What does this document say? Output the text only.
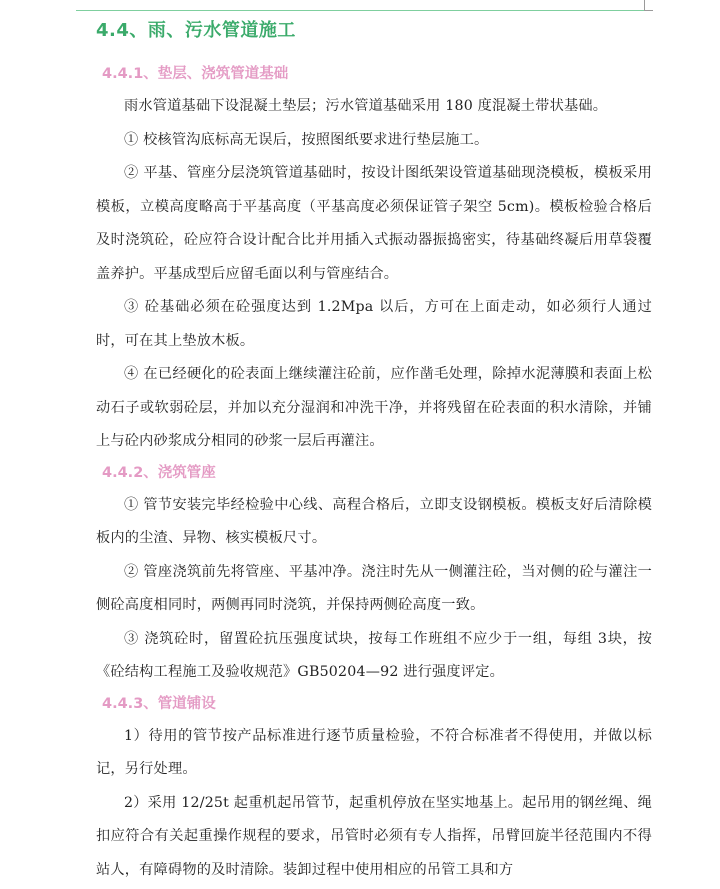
4.4、雨、污水管道施工
4.4.1、垫层、浇筑管道基础

雨水管道基础下设混凝土垫层；污水管道基础采用 180 度混凝土带状基础。

① 校核管沟底标高无误后，按照图纸要求进行垫层施工。

② 平基、管座分层浇筑管道基础时，按设计图纸架设管道基础现浇模板，模板采用模板，立模高度略高于平基高度（平基高度必须保证管子架空 5cm)。模板检验合格后及时浇筑砼，砼应符合设计配合比并用插入式振动器振捣密实，待基础终凝后用草袋覆盖养护。平基成型后应留毛面以利与管座结合。

③ 砼基础必须在砼强度达到 1.2Mpa 以后，方可在上面走动，如必须行人通过时，可在其上垫放木板。

④ 在已经硬化的砼表面上继续灌注砼前，应作凿毛处理，除掉水泥薄膜和表面上松动石子或软弱砼层，并加以充分湿润和冲洗干净，并将残留在砼表面的积水清除，并铺上与砼内砂浆成分相同的砂浆一层后再灌注。

4.4.2、浇筑管座

① 管节安装完毕经检验中心线、高程合格后，立即支设钢模板。模板支好后清除模板内的尘渣、异物、核实模板尺寸。

② 管座浇筑前先将管座、平基冲净。浇注时先从一侧灌注砼，当对侧的砼与灌注一侧砼高度相同时，两侧再同时浇筑，并保持两侧砼高度一致。

③ 浇筑砼时，留置砼抗压强度试块，按每工作班组不应少于一组，每组 3块，按《砼结构工程施工及验收规范》GB50204—92 进行强度评定。

4.4.3、管道铺设

1）待用的管节按产品标准进行逐节质量检验，不符合标准者不得使用，并做以标记，另行处理。

2）采用 12/25t 起重机起吊管节，起重机停放在坚实地基上。起吊用的钢丝绳、绳扣应符合有关起重操作规程的要求，吊管时必须有专人指挥，吊臂回旋半径范围内不得站人，有障碍物的及时清除。装卸过程中使用相应的吊管工具和方
